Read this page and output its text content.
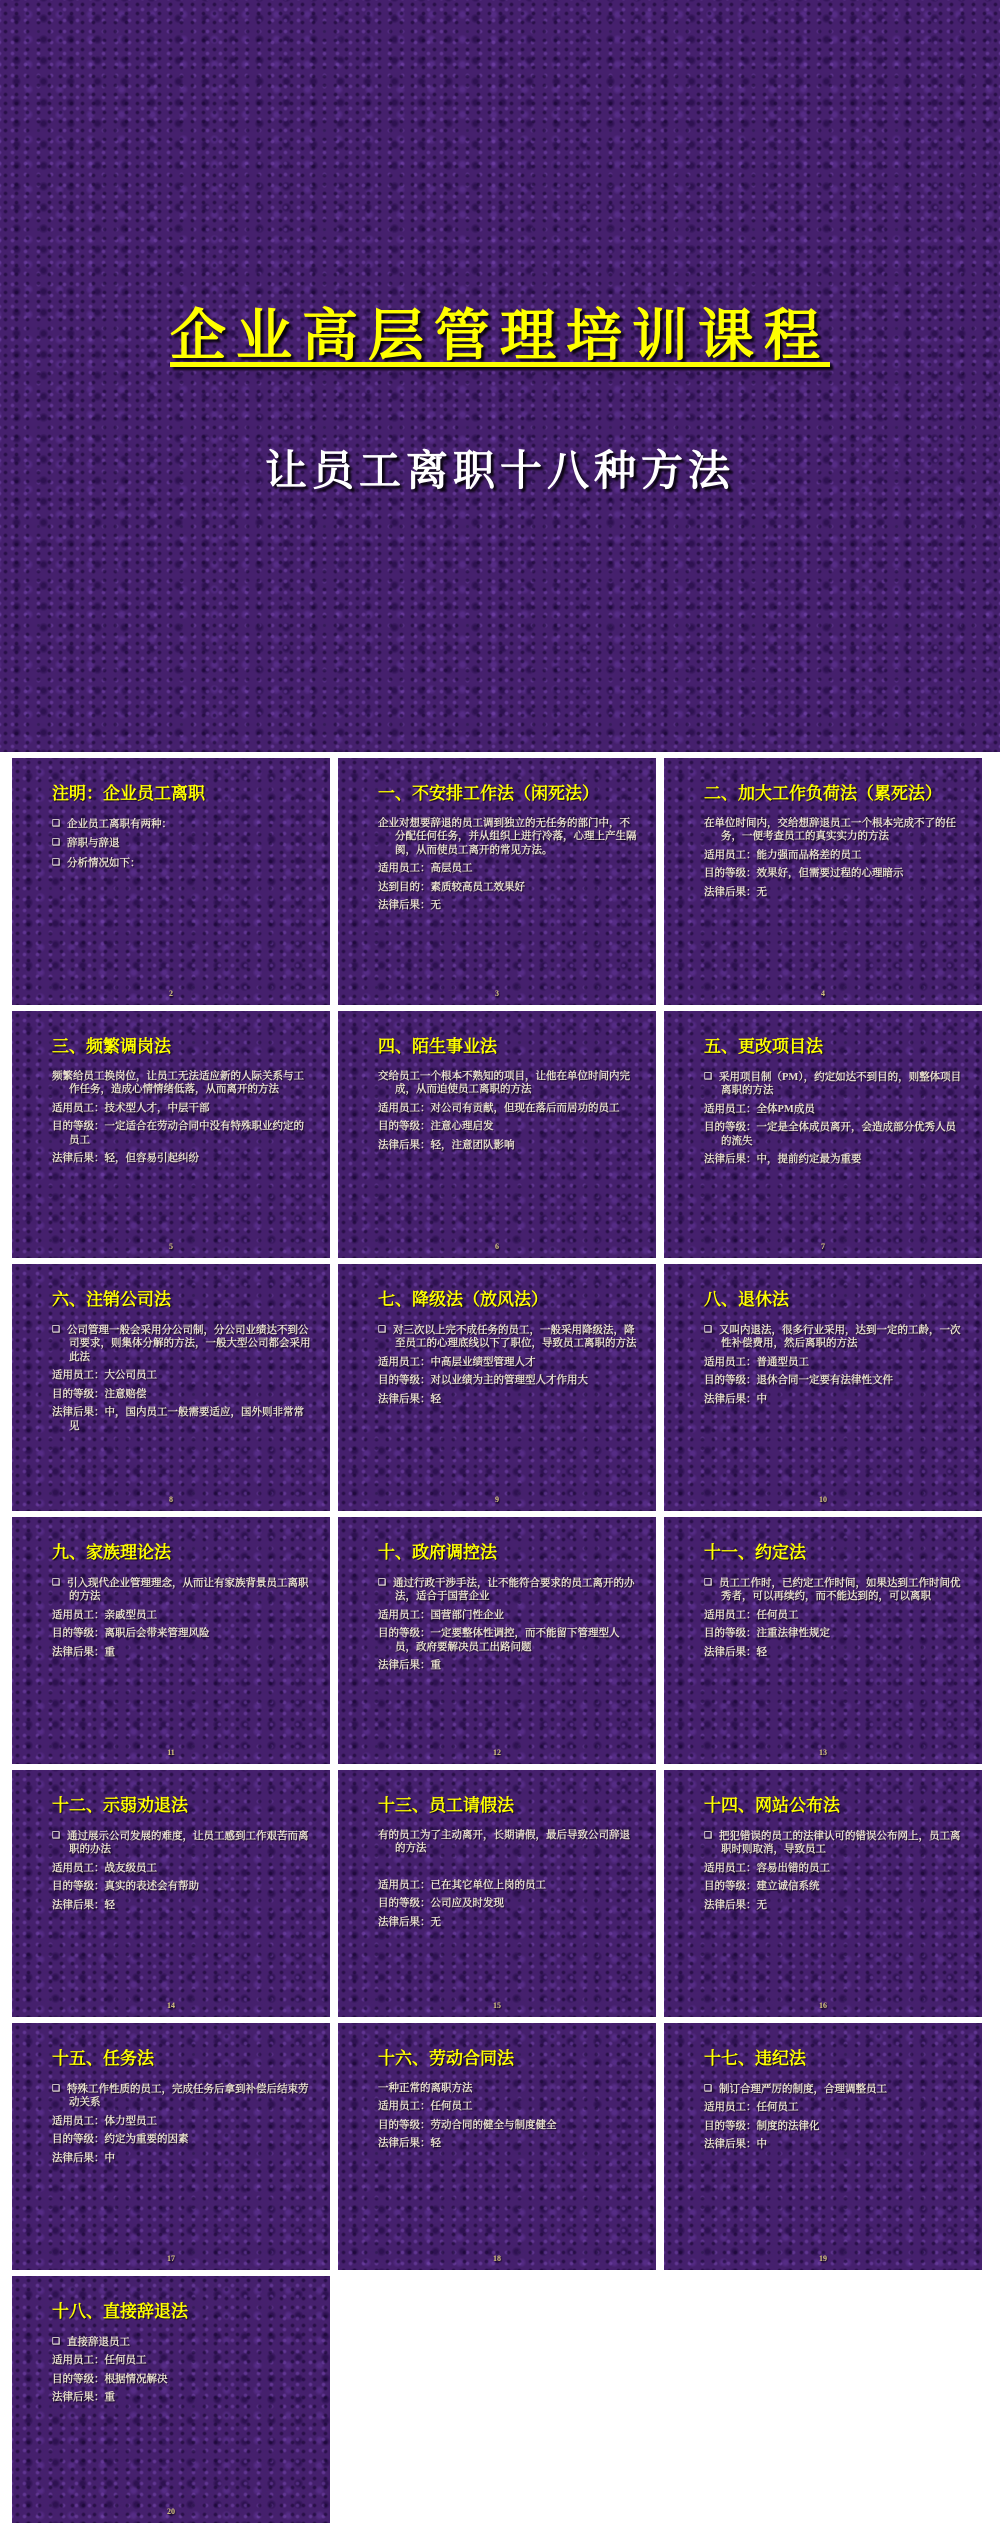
企业高层管理培训课程
让员工离职十八种方法
注明：企业员工离职
❑ 企业员工离职有两种：
❑ 辞职与辞退
❑ 分析情况如下：
2
一、不安排工作法（闲死法）
企业对想要辞退的员工调到独立的无任务的部门中，不分配任何任务，并从组织上进行冷落，心理上产生隔阂，从而使员工离开的常见方法。
适用员工：高层员工
达到目的：素质较高员工效果好
法律后果：无
3
二、加大工作负荷法（累死法）
在单位时间内，交给想辞退员工一个根本完成不了的任务，一便考查员工的真实实力的方法
适用员工：能力强而品格差的员工
目的等级：效果好，但需要过程的心理暗示
法律后果：无
4
三、频繁调岗法
频繁给员工换岗位，让员工无法适应新的人际关系与工作任务，造成心情情绪低落，从而离开的方法
适用员工：技术型人才，中层干部
目的等级：一定适合在劳动合同中没有特殊职业约定的员工
法律后果：轻，但容易引起纠纷
5
四、陌生事业法
交给员工一个根本不熟知的项目，让他在单位时间内完成，从而迫使员工离职的方法
适用员工：对公司有贡献，但现在落后而居功的员工
目的等级：注意心理启发
法律后果：轻，注意团队影响
6
五、更改项目法
❑ 采用项目制（PM），约定如达不到目的，则整体项目离职的方法
适用员工：全体PM成员
目的等级：一定是全体成员离开，会造成部分优秀人员的流失
法律后果：中，提前约定最为重要
7
六、注销公司法
❑ 公司管理一般会采用分公司制，分公司业绩达不到公司要求，则集体分解的方法，一般大型公司都会采用此法
适用员工：大公司员工
目的等级：注意赔偿
法律后果：中，国内员工一般需要适应，国外则非常常见
8
七、降级法（放风法）
❑ 对三次以上完不成任务的员工，一般采用降级法，降至员工的心理底线以下了职位，导致员工离职的方法
适用员工：中高层业绩型管理人才
目的等级：对以业绩为主的管理型人才作用大
法律后果：轻
9
八、退休法
❑ 又叫内退法，很多行业采用，达到一定的工龄，一次性补偿费用，然后离职的方法
适用员工：普通型员工
目的等级：退休合同一定要有法律性文件
法律后果：中
10
九、家族理论法
❑ 引入现代企业管理理念，从而让有家族背景员工离职的方法
适用员工：亲戚型员工
目的等级：离职后会带来管理风险
法律后果：重
11
十、政府调控法
❑ 通过行政干涉手法，让不能符合要求的员工离开的办法，适合于国营企业
适用员工：国营部门性企业
目的等级：一定要整体性调控，而不能留下管理型人员，政府要解决员工出路问题
法律后果：重
12
十一、约定法
❑ 员工工作时，已约定工作时间，如果达到工作时间优秀者，可以再续约，而不能达到的，可以离职
适用员工：任何员工
目的等级：注重法律性规定
法律后果：轻
13
十二、示弱劝退法
❑ 通过展示公司发展的难度，让员工感到工作艰苦而离职的办法
适用员工：战友级员工
目的等级：真实的表述会有帮助
法律后果：轻
14
十三、员工请假法
有的员工为了主动离开，长期请假，最后导致公司辞退的方法
适用员工：已在其它单位上岗的员工
目的等级：公司应及时发现
法律后果：无
15
十四、网站公布法
❑ 把犯错误的员工的法律认可的错误公布网上，员工离职时则取消，导致员工
适用员工：容易出错的员工
目的等级：建立诚信系统
法律后果：无
16
十五、任务法
❑ 特殊工作性质的员工，完成任务后拿到补偿后结束劳动关系
适用员工：体力型员工
目的等级：约定为重要的因素
法律后果：中
17
十六、劳动合同法
一种正常的离职方法
适用员工：任何员工
目的等级：劳动合同的健全与制度健全
法律后果：轻
18
十七、违纪法
❑ 制订合理严厉的制度，合理调整员工
适用员工：任何员工
目的等级：制度的法律化
法律后果：中
19
十八、直接辞退法
❑ 直接辞退员工
适用员工：任何员工
目的等级：根据情况解决
法律后果：重
20
